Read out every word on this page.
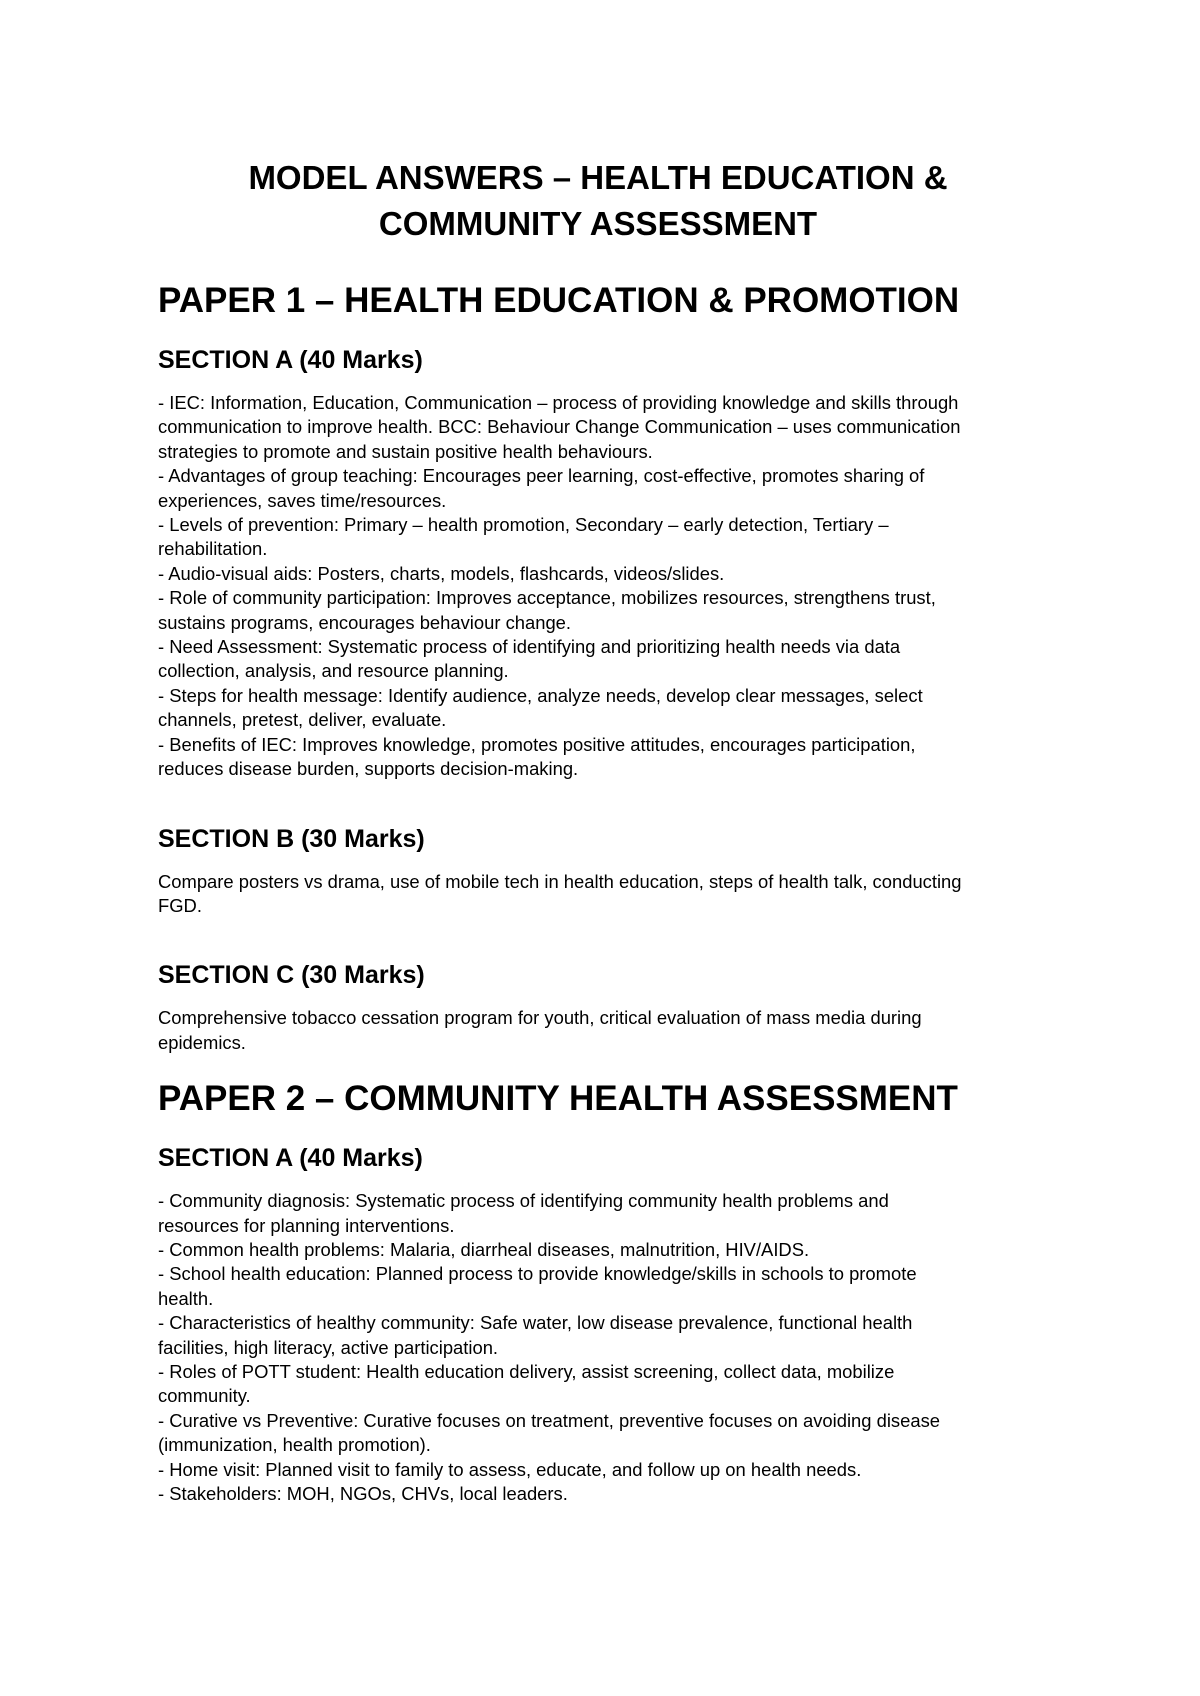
MODEL ANSWERS – HEALTH EDUCATION &

COMMUNITY ASSESSMENT

PAPER 1 – HEALTH EDUCATION & PROMOTION
SECTION A (40 Marks)

- IEC: Information, Education, Communication – process of providing knowledge and skills through

communication to improve health. BCC: Behaviour Change Communication – uses communication

strategies to promote and sustain positive health behaviours.

- Advantages of group teaching: Encourages peer learning, cost-effective, promotes sharing of

experiences, saves time/resources.

- Levels of prevention: Primary – health promotion, Secondary – early detection, Tertiary –

rehabilitation.

- Audio-visual aids: Posters, charts, models, flashcards, videos/slides.

- Role of community participation: Improves acceptance, mobilizes resources, strengthens trust,

sustains programs, encourages behaviour change.

- Need Assessment: Systematic process of identifying and prioritizing health needs via data

collection, analysis, and resource planning.

- Steps for health message: Identify audience, analyze needs, develop clear messages, select

channels, pretest, deliver, evaluate.

- Benefits of IEC: Improves knowledge, promotes positive attitudes, encourages participation,

reduces disease burden, supports decision-making.

SECTION B (30 Marks)

Compare posters vs drama, use of mobile tech in health education, steps of health talk, conducting

FGD.

SECTION C (30 Marks)

Comprehensive tobacco cessation program for youth, critical evaluation of mass media during

epidemics.

PAPER 2 – COMMUNITY HEALTH ASSESSMENT
SECTION A (40 Marks)

- Community diagnosis: Systematic process of identifying community health problems and

resources for planning interventions.

- Common health problems: Malaria, diarrheal diseases, malnutrition, HIV/AIDS.

- School health education: Planned process to provide knowledge/skills in schools to promote

health.

- Characteristics of healthy community: Safe water, low disease prevalence, functional health

facilities, high literacy, active participation.

- Roles of POTT student: Health education delivery, assist screening, collect data, mobilize

community.

- Curative vs Preventive: Curative focuses on treatment, preventive focuses on avoiding disease

(immunization, health promotion).

- Home visit: Planned visit to family to assess, educate, and follow up on health needs.

- Stakeholders: MOH, NGOs, CHVs, local leaders.
